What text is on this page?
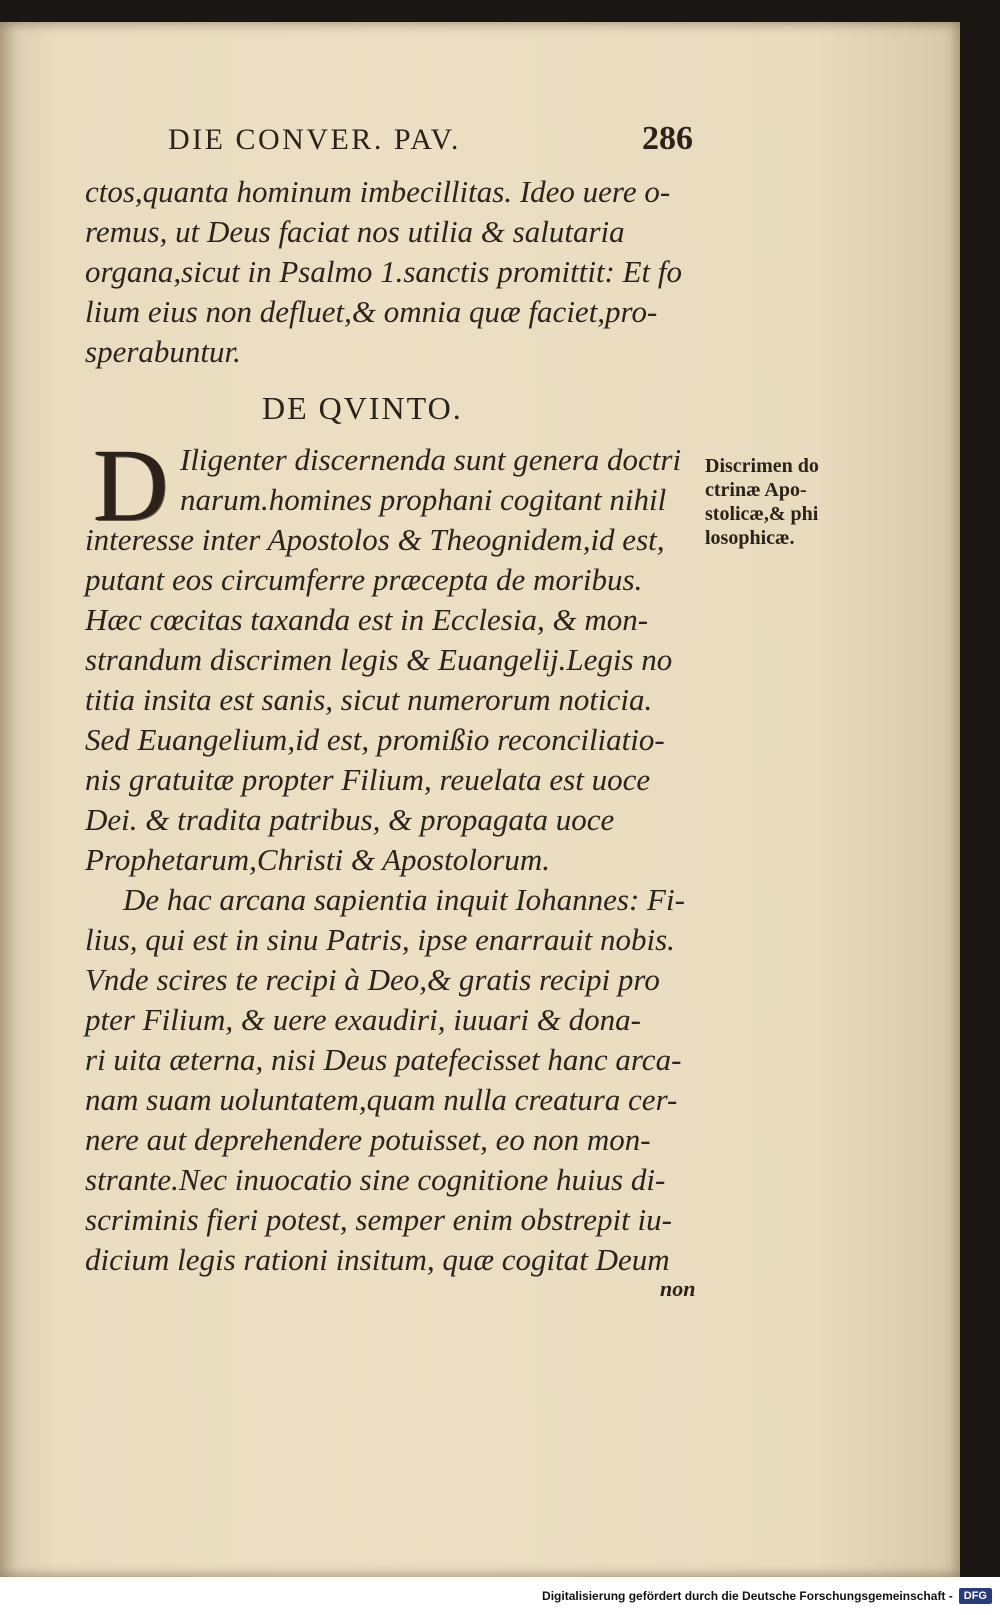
DIE CONVER. PAV.	286
ctos,quanta hominum imbecillitas. Ideo uere o-
remus, ut Deus faciat nos utilia & salutaria
organa,sicut in Psalmo 1.sanctis promittit: Et fo
lium eius non defluet,& omnia quæ faciet,pro-
sperabuntur.
DE QVINTO.
D Iligenter discernenda sunt genera doctri
narum.homines prophani cogitant nihil
interesse inter Apostolos & Theognidem,id est,
putant eos circumferre præcepta de moribus.
Hæc cœcitas taxanda est in Ecclesia, & mon-
strandum discrimen legis & Euangelij.Legis no
titia insita est sanis, sicut numerorum noticia.
Sed Euangelium,id est, promißio reconciliatio-
nis gratuitæ propter Filium, reuelata est uoce
Dei. & tradita patribus, & propagata uoce
Prophetarum,Christi & Apostolorum.
Discrimen do
ctrinæ Apo-
stolicæ,& phi
losophicæ.
De hac arcana sapientia inquit Iohannes: Fi-
lius, qui est in sinu Patris, ipse enarrauit nobis.
Vnde scires te recipi à Deo,& gratis recipi pro
pter Filium, & uere exaudiri, iuuari & dona-
ri uita æterna, nisi Deus patefecisset hanc arca-
nam suam uoluntatem,quam nulla creatura cer-
nere aut deprehendere potuisset, eo non mon-
strante.Nec inuocatio sine cognitione huius di-
scriminis fieri potest, semper enim obstrepit iu-
dicium legis rationi insitum, quæ cogitat Deum
non
Digitalisierung gefördert durch die Deutsche Forschungsgemeinschaft -	DFG
